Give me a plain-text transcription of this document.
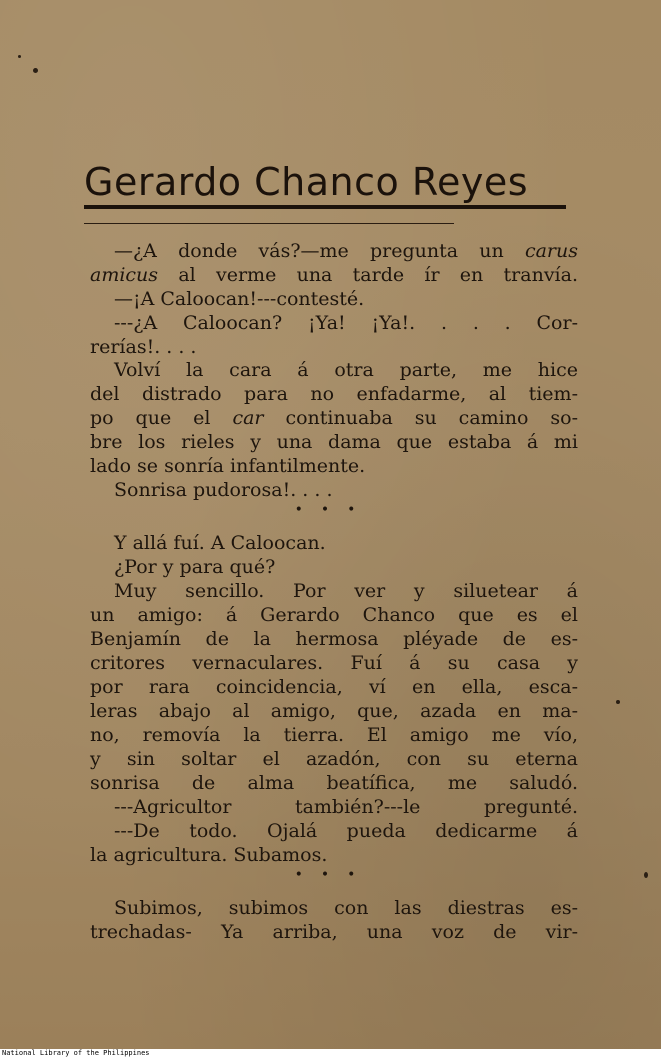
Gerardo Chanco Reyes
—¿A donde vás?—me pregunta un carus
amicus al verme una tarde ír en tranvía.
—¡A Caloocan!---contesté.
---¿A Caloocan? ¡Ya! ¡Ya!. . . . Cor-
rerías!. . . .
Volví la cara á otra parte, me hice
del distrado para no enfadarme, al tiem-
po que el car continuaba su camino so-
bre los rieles y una dama que estaba á mi
lado se sonría infantilmente.
Sonrisa pudorosa!. . . .
Y allá fuí. A Caloocan.
¿Por y para qué?
Muy sencillo. Por ver y siluetear á
un amigo: á Gerardo Chanco que es el
Benjamín de la hermosa pléyade de es-
critores vernaculares. Fuí á su casa y
por rara coincidencia, ví en ella, esca-
leras abajo al amigo, que, azada en ma-
no, removía la tierra. El amigo me vío,
y sin soltar el azadón, con su eterna
sonrisa de alma beatífica, me saludó.
---Agricultor también?---le pregunté.
---De todo. Ojalá pueda dedicarme á
la agricultura. Subamos.
Subimos, subimos con las diestras es-
trechadas- Ya arriba, una voz de vir-
•••
•••
National Library of the Philippines
